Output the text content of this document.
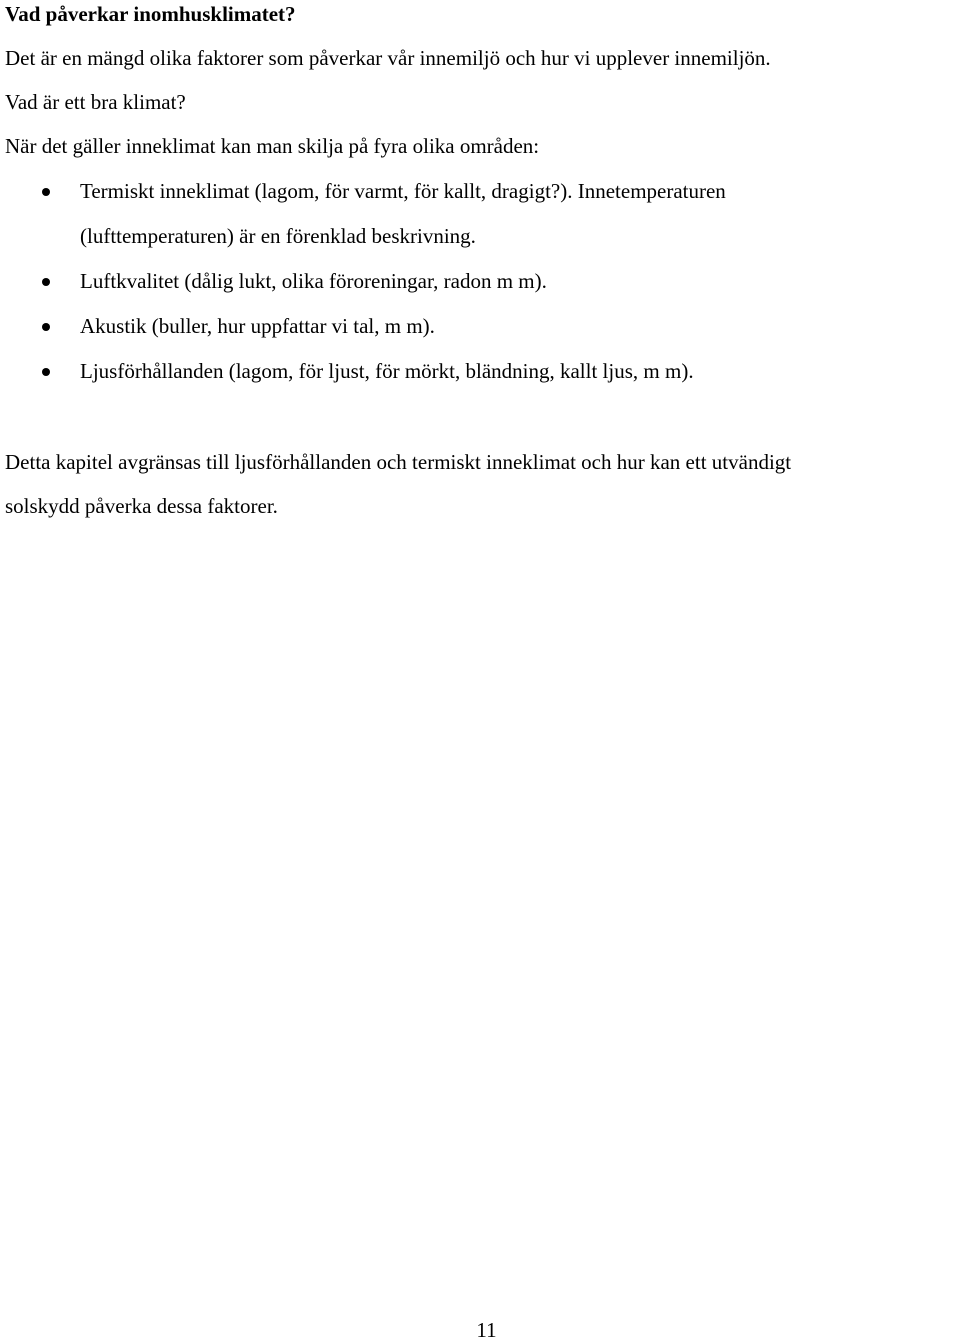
Vad påverkar inomhusklimatet?
Det är en mängd olika faktorer som påverkar vår innemiljö och hur vi upplever innemiljön.
Vad är ett bra klimat?
När det gäller inneklimat kan man skilja på fyra olika områden:
Termiskt inneklimat (lagom, för varmt, för kallt, dragigt?). Innetemperaturen
(lufttemperaturen) är en förenklad beskrivning.
Luftkvalitet (dålig lukt, olika föroreningar, radon m m).
Akustik (buller, hur uppfattar vi tal, m m).
Ljusförhållanden (lagom, för ljust, för mörkt, bländning, kallt ljus, m m).
Detta kapitel avgränsas till ljusförhållanden och termiskt inneklimat och hur kan ett utvändigt
solskydd påverka dessa faktorer.
11
